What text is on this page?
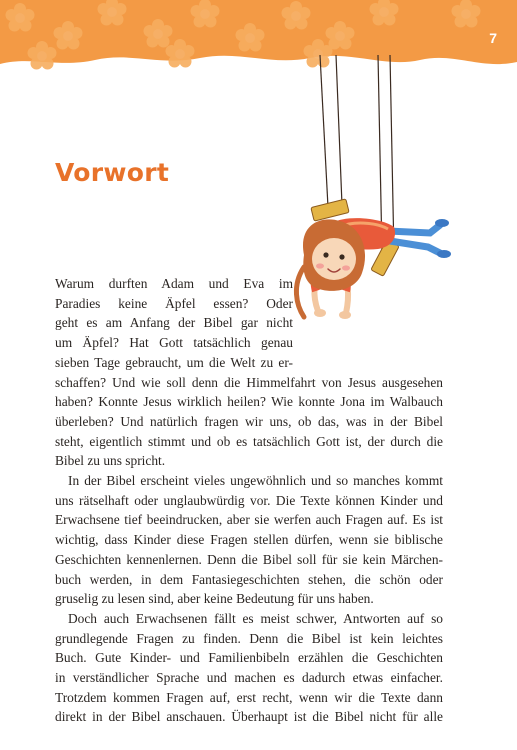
7
Vorwort

Warum durften Adam und Eva im
Paradies keine Äpfel essen? Oder
geht es am Anfang der Bibel gar nicht
um Äpfel? Hat Gott tatsächlich genau
sieben Tage gebraucht, um die Welt zu er-
schaffen? Und wie soll denn die Himmelfahrt von Jesus ausgesehen
haben? Konnte Jesus wirklich heilen? Wie konnte Jona im Walbauch
überleben? Und natürlich fragen wir uns, ob das, was in der Bibel
steht, eigentlich stimmt und ob es tatsächlich Gott ist, der durch die
Bibel zu uns spricht.

In der Bibel erscheint vieles ungewöhnlich und so manches kommt
uns rätselhaft oder unglaubwürdig vor. Die Texte können Kinder und
Erwachsene tief beeindrucken, aber sie werfen auch Fragen auf. Es ist
wichtig, dass Kinder diese Fragen stellen dürfen, wenn sie biblische
Geschichten kennenlernen. Denn die Bibel soll für sie kein Märchen-
buch werden, in dem Fantasiegeschichten stehen, die schön oder
gruselig zu lesen sind, aber keine Bedeutung für uns haben.

Doch auch Erwachsenen fällt es meist schwer, Antworten auf so
grundlegende Fragen zu finden. Denn die Bibel ist kein leichtes
Buch. Gute Kinder- und Familienbibeln erzählen die Geschichten
in verständlicher Sprache und machen es dadurch etwas einfacher.
Trotzdem kommen Fragen auf, erst recht, wenn wir die Texte dann
direkt in der Bibel anschauen. Überhaupt ist die Bibel nicht für alle
